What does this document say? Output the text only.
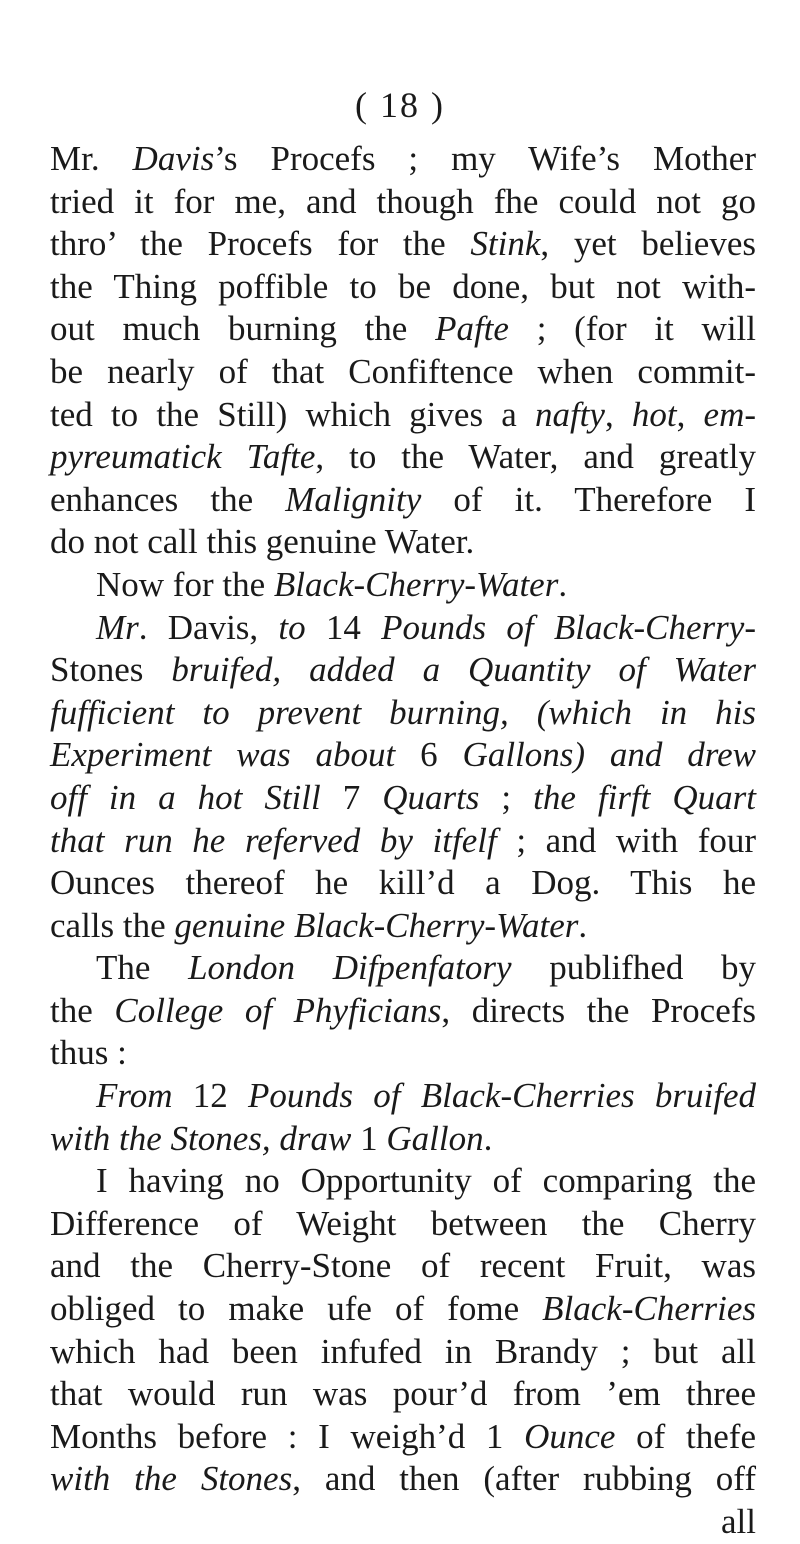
( 18 )
Mr. Davis’s Procefs ; my Wife’s Mother
tried it for me, and though fhe could not go
thro’ the Procefs for the Stink, yet believes
the Thing poffible to be done, but not with-
out much burning the Pafte ; (for it will
be nearly of that Confiftence when commit-
ted to the Still) which gives a nafty, hot, em-
pyreumatick Tafte, to the Water, and greatly
enhances the Malignity of it. Therefore I
do not call this genuine Water.
Now for the Black-Cherry-Water.
Mr. Davis, to 14 Pounds of Black-Cherry-
Stones bruifed, added a Quantity of Water
fufficient to prevent burning, (which in his
Experiment was about 6 Gallons) and drew
off in a hot Still 7 Quarts ; the firft Quart
that run he referved by itfelf ; and with four
Ounces thereof he kill’d a Dog. This he
calls the genuine Black-Cherry-Water.
The London Difpenfatory publifhed by
the College of Phyficians, directs the Procefs
thus :
From 12 Pounds of Black-Cherries bruifed
with the Stones, draw 1 Gallon.
I having no Opportunity of comparing the
Difference of Weight between the Cherry
and the Cherry-Stone of recent Fruit, was
obliged to make ufe of fome Black-Cherries
which had been infufed in Brandy ; but all
that would run was pour’d from ’em three
Months before : I weigh’d 1 Ounce of thefe
with the Stones, and then (after rubbing off
all
